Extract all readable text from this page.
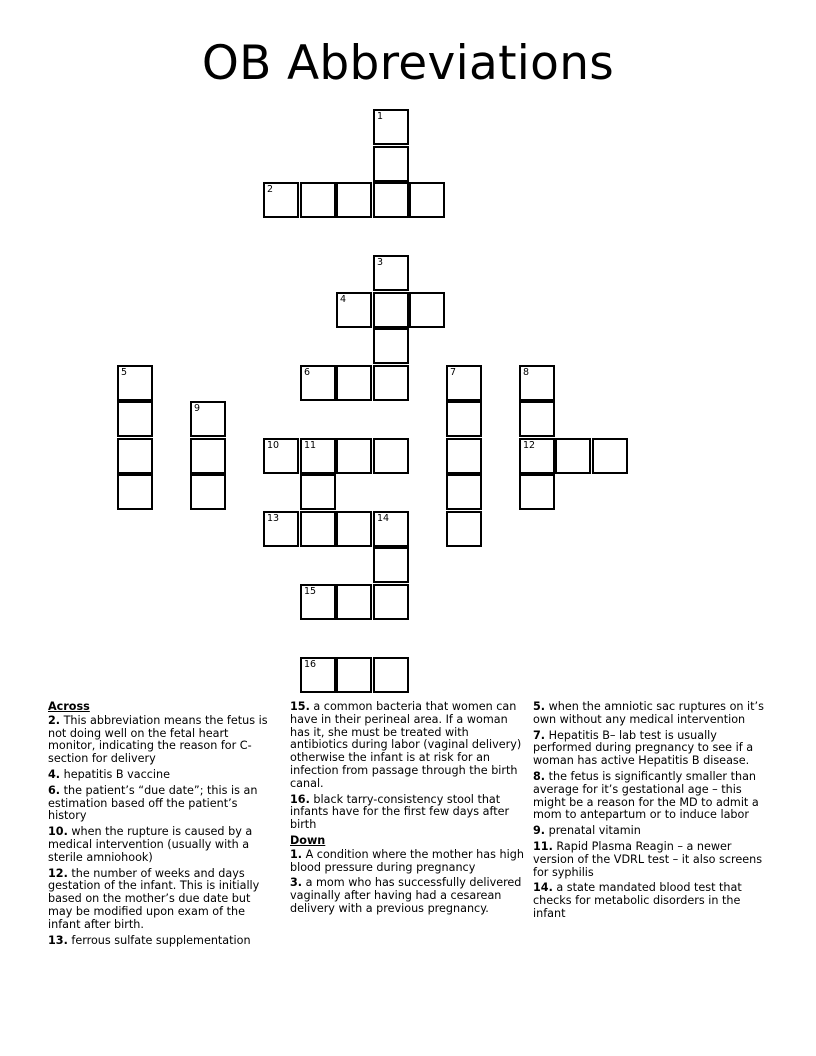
OB Abbreviations
1
2
3
4
5	6	7	8
12
9
10	11
13	14
15
16
Across
2. This abbreviation means the fetus is not doing well on the fetal heart monitor, indicating the reason for C-section for delivery
4. hepatitis B vaccine
6. the patient’s “due date”; this is an estimation based off the patient’s history
10. when the rupture is caused by a medical intervention (usually with a sterile amniohook)
12. the number of weeks and days gestation of the infant. This is initially based on the mother’s due date but may be modified upon exam of the infant after birth.
13. ferrous sulfate supplementation
15. a common bacteria that women can have in their perineal area. If a woman has it, she must be treated with antibiotics during labor (vaginal delivery) otherwise the infant is at risk for an infection from passage through the birth canal.
16. black tarry-consistency stool that infants have for the first few days after birth
Down
1. A condition where the mother has high blood pressure during pregnancy
3. a mom who has successfully delivered vaginally after having had a cesarean delivery with a previous pregnancy.
5. when the amniotic sac ruptures on it’s own without any medical intervention
7. Hepatitis B– lab test is usually performed during pregnancy to see if a woman has active Hepatitis B disease.
8. the fetus is significantly smaller than average for it’s gestational age – this might be a reason for the MD to admit a mom to antepartum or to induce labor
9. prenatal vitamin
11. Rapid Plasma Reagin – a newer version of the VDRL test – it also screens for syphilis
14. a state mandated blood test that checks for metabolic disorders in the infant
